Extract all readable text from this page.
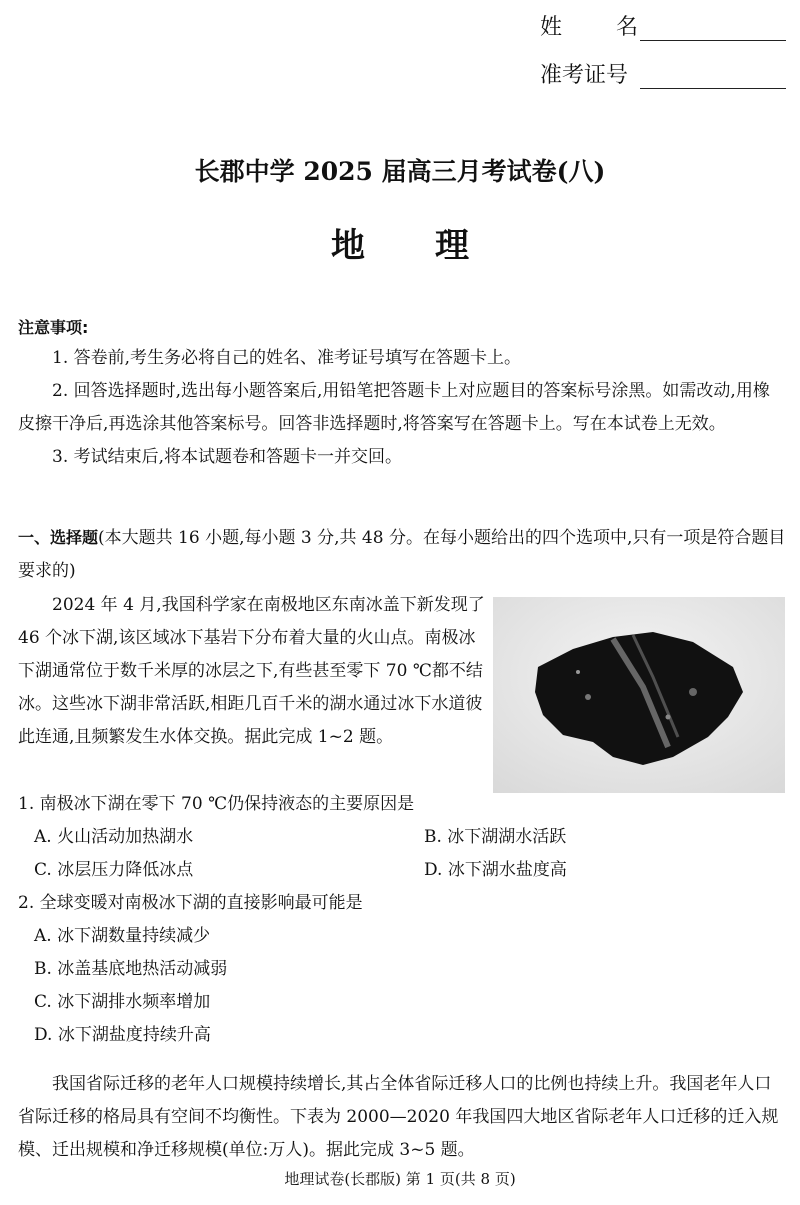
姓 名
准考证号
长郡中学 2025 届高三月考试卷(八)
地理
注意事项:
1. 答卷前,考生务必将自己的姓名、准考证号填写在答题卡上。
2. 回答选择题时,选出每小题答案后,用铅笔把答题卡上对应题目的答案标号涂黑。如需改动,用橡皮擦干净后,再选涂其他答案标号。回答非选择题时,将答案写在答题卡上。写在本试卷上无效。
3. 考试结束后,将本试题卷和答题卡一并交回。
一、选择题(本大题共 16 小题,每小题 3 分,共 48 分。在每小题给出的四个选项中,只有一项是符合题目要求的)
2024 年 4 月,我国科学家在南极地区东南冰盖下新发现了 46 个冰下湖,该区域冰下基岩下分布着大量的火山点。南极冰下湖通常位于数千米厚的冰层之下,有些甚至零下 70 ℃都不结冰。这些冰下湖非常活跃,相距几百千米的湖水通过冰下水道彼此连通,且频繁发生水体交换。据此完成 1~2 题。
1. 南极冰下湖在零下 70 ℃仍保持液态的主要原因是
A. 火山活动加热湖水	B. 冰下湖湖水活跃
C. 冰层压力降低冰点	D. 冰下湖水盐度高
2. 全球变暖对南极冰下湖的直接影响最可能是
A. 冰下湖数量持续减少
B. 冰盖基底地热活动减弱
C. 冰下湖排水频率增加
D. 冰下湖盐度持续升高
我国省际迁移的老年人口规模持续增长,其占全体省际迁移人口的比例也持续上升。我国老年人口省际迁移的格局具有空间不均衡性。下表为 2000—2020 年我国四大地区省际老年人口迁移的迁入规模、迁出规模和净迁移规模(单位:万人)。据此完成 3~5 题。
地理试卷(长郡版) 第 1 页(共 8 页)
